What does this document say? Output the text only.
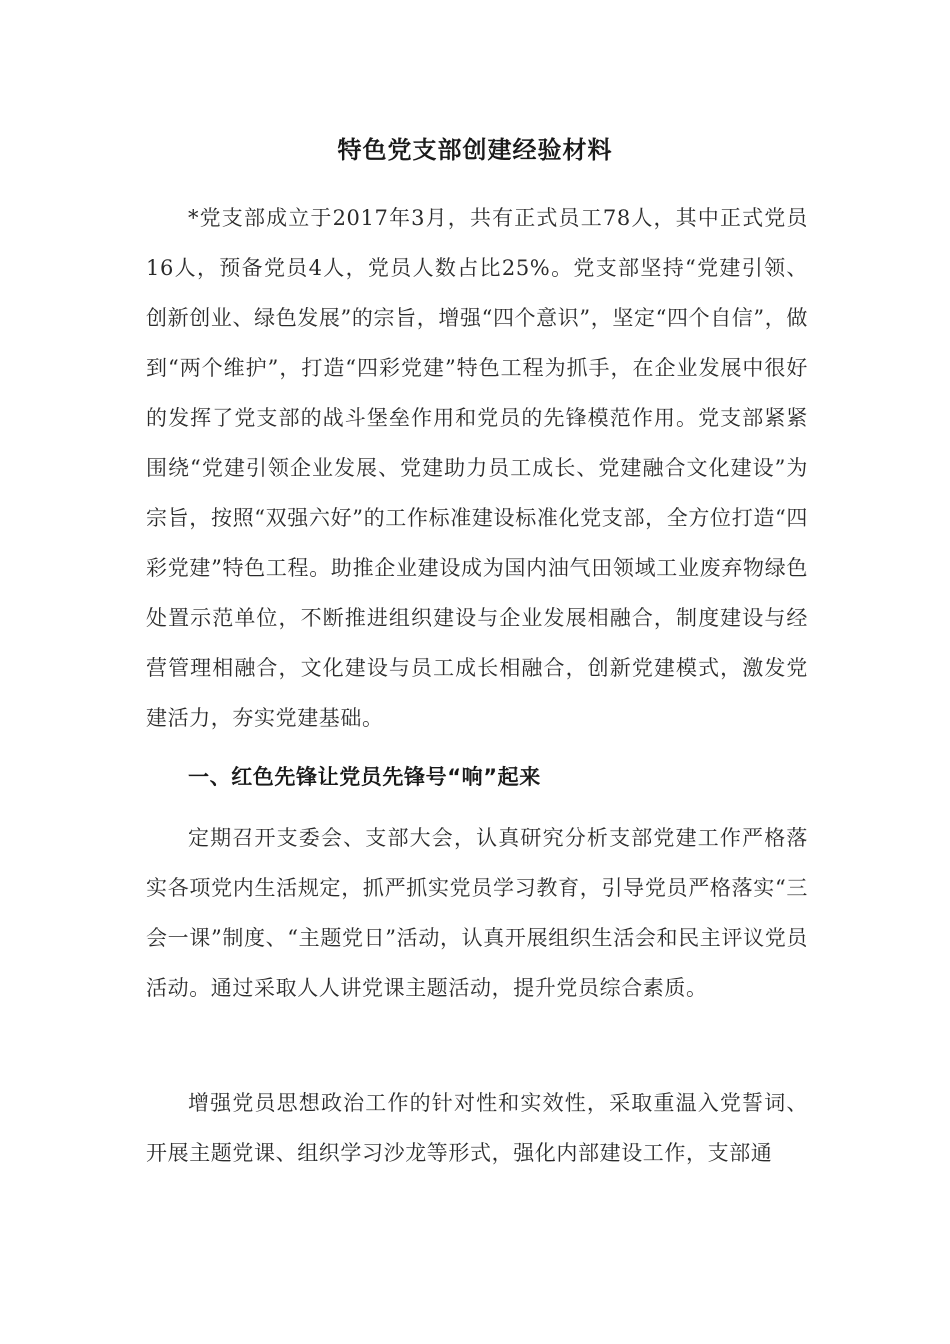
特色党支部创建经验材料

*党支部成立于2017年3月，共有正式员工78人，其中正式党员16人，预备党员4人，党员人数占比25%。党支部坚持“党建引领、创新创业、绿色发展”的宗旨，增强“四个意识”，坚定“四个自信”，做到“两个维护”，打造“四彩党建”特色工程为抓手，在企业发展中很好的发挥了党支部的战斗堡垒作用和党员的先锋模范作用。党支部紧紧围绕“党建引领企业发展、党建助力员工成长、党建融合文化建设”为宗旨，按照“双强六好”的工作标准建设标准化党支部，全方位打造“四彩党建”特色工程。助推企业建设成为国内油气田领域工业废弃物绿色处置示范单位，不断推进组织建设与企业发展相融合，制度建设与经营管理相融合，文化建设与员工成长相融合，创新党建模式，激发党建活力，夯实党建基础。

一、红色先锋让党员先锋号“响”起来

定期召开支委会、支部大会，认真研究分析支部党建工作严格落实各项党内生活规定，抓严抓实党员学习教育，引导党员严格落实“三会一课”制度、“主题党日”活动，认真开展组织生活会和民主评议党员活动。通过采取人人讲党课主题活动，提升党员综合素质。

增强党员思想政治工作的针对性和实效性，采取重温入党誓词、开展主题党课、组织学习沙龙等形式，强化内部建设工作，支部通
